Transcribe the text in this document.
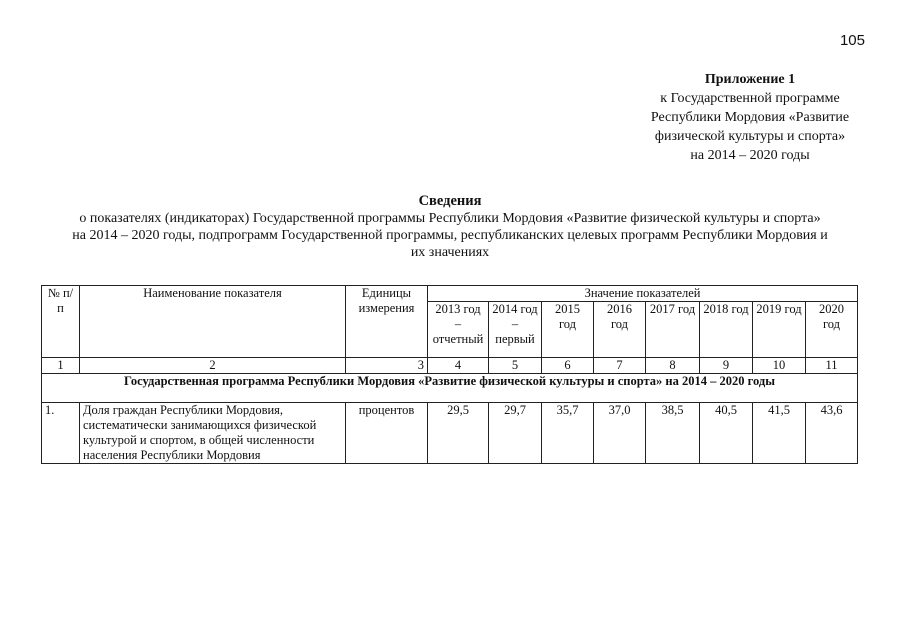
105
Приложение 1
к Государственной программе
Республики Мордовия «Развитие
физической культуры и спорта»
на 2014 – 2020 годы
Сведения
о показателях (индикаторах) Государственной программы Республики Мордовия «Развитие физической культуры и спорта»
на 2014 – 2020 годы, подпрограмм Государственной программы, республиканских целевых программ Республики Мордовия и
их значениях
№ п/п	Наименование показателя	Единицы измерения	Значение показателей							
			2013 год – отчетный	2014 год – первый	2015 год	2016 год	2017 год	2018 год	2019 год	2020 год
1	2	3	4	5	6	7	8	9	10	11
Государственная программа Республики Мордовия «Развитие физической культуры и спорта» на 2014 – 2020 годы										
1.	Доля граждан Республики Мордовия, систематически занимающихся физической культурой и спортом, в общей численности населения Республики Мордовия	процентов	29,5	29,7	35,7	37,0	38,5	40,5	41,5	43,6
